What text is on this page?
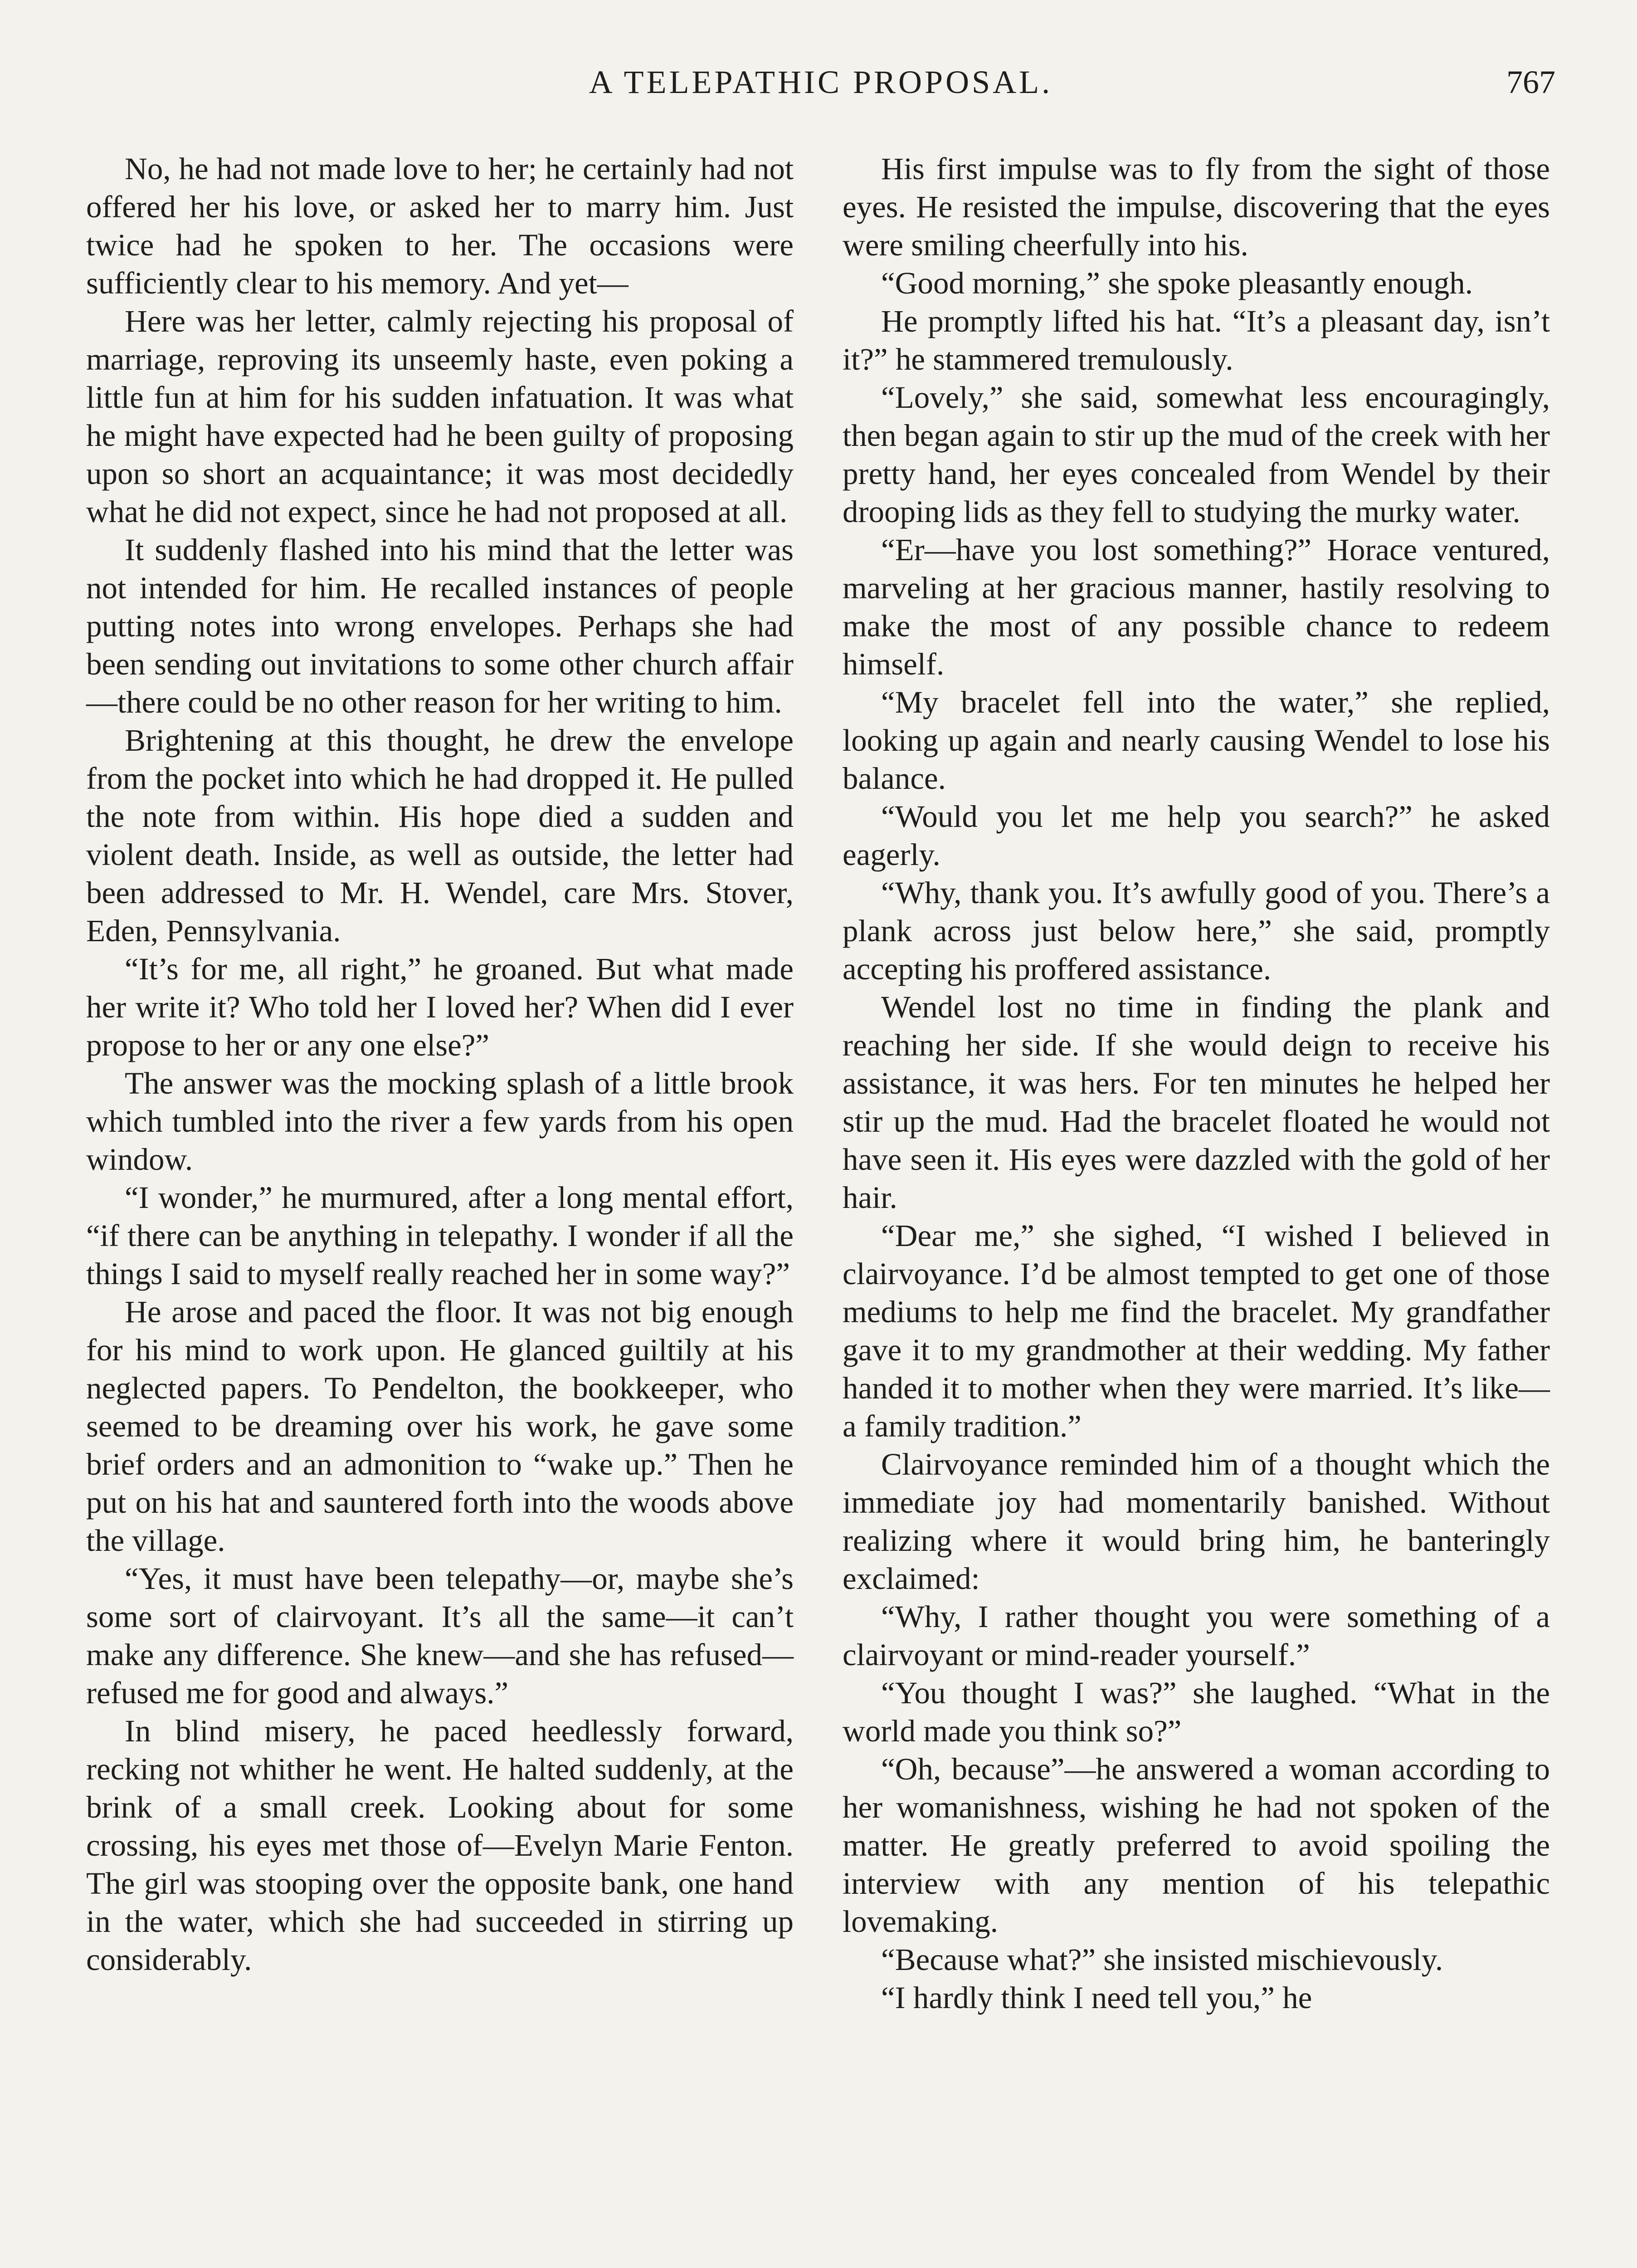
A TELEPATHIC PROPOSAL.	767

No, he had not made love to her; he certainly had not offered her his love, or asked her to marry him. Just twice had he spoken to her. The occasions were sufficiently clear to his memory. And yet—

Here was her letter, calmly rejecting his proposal of marriage, reproving its unseemly haste, even poking a little fun at him for his sudden infatuation. It was what he might have expected had he been guilty of proposing upon so short an acquaintance; it was most decidedly what he did not expect, since he had not proposed at all.

It suddenly flashed into his mind that the letter was not intended for him. He recalled instances of people putting notes into wrong envelopes. Perhaps she had been sending out invitations to some other church affair—there could be no other reason for her writing to him.

Brightening at this thought, he drew the envelope from the pocket into which he had dropped it. He pulled the note from within. His hope died a sudden and violent death. Inside, as well as outside, the letter had been addressed to Mr. H. Wendel, care Mrs. Stover, Eden, Pennsylvania.

“It’s for me, all right,” he groaned. But what made her write it? Who told her I loved her? When did I ever propose to her or any one else?”

The answer was the mocking splash of a little brook which tumbled into the river a few yards from his open window.

“I wonder,” he murmured, after a long mental effort, “if there can be anything in telepathy. I wonder if all the things I said to myself really reached her in some way?”

He arose and paced the floor. It was not big enough for his mind to work upon. He glanced guiltily at his neglected papers. To Pendelton, the bookkeeper, who seemed to be dreaming over his work, he gave some brief orders and an admonition to “wake up.” Then he put on his hat and sauntered forth into the woods above the village.

“Yes, it must have been telepathy—or, maybe she’s some sort of clairvoyant. It’s all the same—it can’t make any difference. She knew—and she has refused—refused me for good and always.”

In blind misery, he paced heedlessly forward, recking not whither he went. He halted suddenly, at the brink of a small creek. Looking about for some crossing, his eyes met those of—Evelyn Marie Fenton. The girl was stooping over the opposite bank, one hand in the water, which she had succeeded in stirring up considerably.

His first impulse was to fly from the sight of those eyes. He resisted the impulse, discovering that the eyes were smiling cheerfully into his.

“Good morning,” she spoke pleasantly enough.

He promptly lifted his hat. “It’s a pleasant day, isn’t it?” he stammered tremulously.

“Lovely,” she said, somewhat less encouragingly, then began again to stir up the mud of the creek with her pretty hand, her eyes concealed from Wendel by their drooping lids as they fell to studying the murky water.

“Er—have you lost something?” Horace ventured, marveling at her gracious manner, hastily resolving to make the most of any possible chance to redeem himself.

“My bracelet fell into the water,” she replied, looking up again and nearly causing Wendel to lose his balance.

“Would you let me help you search?” he asked eagerly.

“Why, thank you. It’s awfully good of you. There’s a plank across just below here,” she said, promptly accepting his proffered assistance.

Wendel lost no time in finding the plank and reaching her side. If she would deign to receive his assistance, it was hers. For ten minutes he helped her stir up the mud. Had the bracelet floated he would not have seen it. His eyes were dazzled with the gold of her hair.

“Dear me,” she sighed, “I wished I believed in clairvoyance. I’d be almost tempted to get one of those mediums to help me find the bracelet. My grandfather gave it to my grandmother at their wedding. My father handed it to mother when they were married. It’s like—a family tradition.”

Clairvoyance reminded him of a thought which the immediate joy had momentarily banished. Without realizing where it would bring him, he banteringly exclaimed:

“Why, I rather thought you were something of a clairvoyant or mind-reader yourself.”

“You thought I was?” she laughed. “What in the world made you think so?”

“Oh, because”—he answered a woman according to her womanishness, wishing he had not spoken of the matter. He greatly preferred to avoid spoiling the interview with any mention of his telepathic lovemaking.

“Because what?” she insisted mischievously.

“I hardly think I need tell you,” he
